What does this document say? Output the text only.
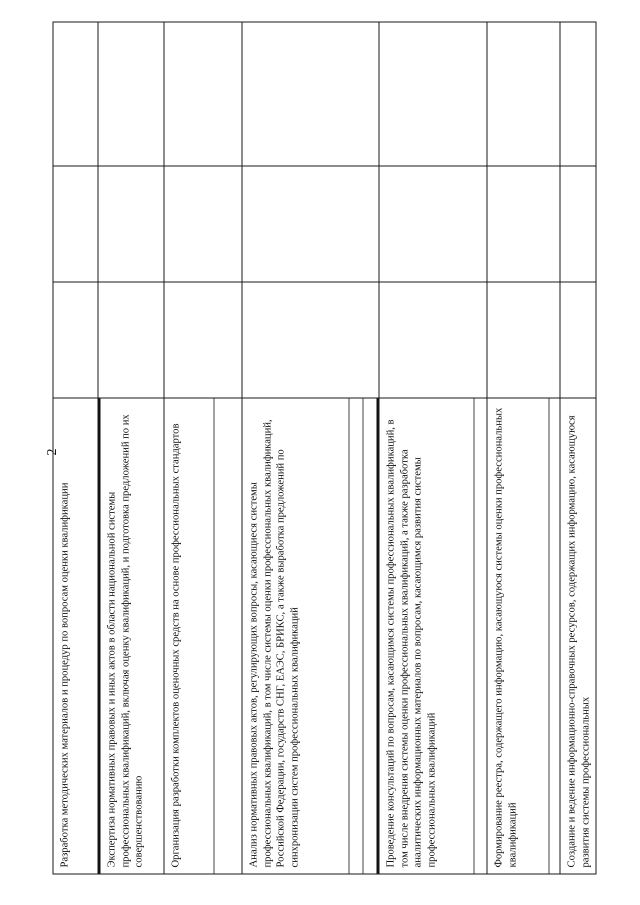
2
Разработка методических материалов и процедур по вопросам оценки квалификации			

Экспертиза нормативных правовых и иных актов в области национальной системы профессиональных квалификаций, включая оценку квалификаций, и подготовка предложений по их совершенствованию			

Организация разработки комплектов оценочных средств на основе профессиональных стандартов			

Анализ нормативных правовых актов, регулирующих вопросы, касающиеся системы профессиональных квалификаций, в том числе системы оценки профессиональных квалификаций, Российской Федерации, государств СНГ, ЕАЭС, БРИКС, а также выработка предложений по синхронизации систем профессиональных квалификаций			

Проведение консультаций по вопросам, касающимся системы профессиональных квалификаций, в том числе внедрения системы оценки профессиональных квалификаций, а также разработка аналитических информационных материалов по вопросам, касающимся развития системы профессиональных квалификаций			

Формирование реестра, содержащего информацию, касающуюся системы оценки профессиональных квалификаций			

Создание и ведение информационно-справочных ресурсов, содержащих информацию, касающуюся развития системы профессиональных			
